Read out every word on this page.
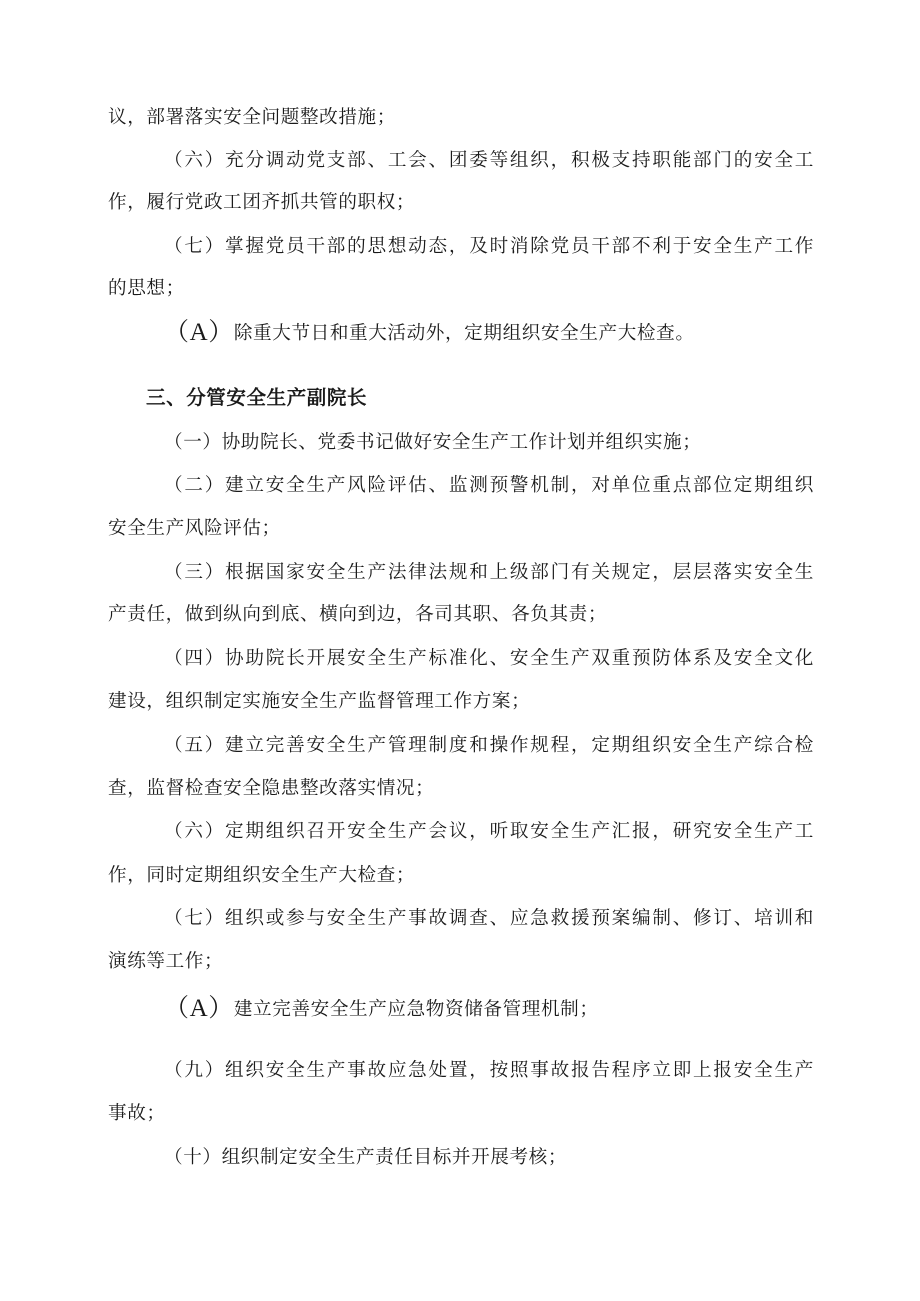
议，部署落实安全问题整改措施；
（六）充分调动党支部、工会、团委等组织，积极支持职能部门的安全工
作，履行党政工团齐抓共管的职权；
（七）掌握党员干部的思想动态，及时消除党员干部不利于安全生产工作
的思想；
（A）除重大节日和重大活动外，定期组织安全生产大检查。
三、分管安全生产副院长
（一）协助院长、党委书记做好安全生产工作计划并组织实施；
（二）建立安全生产风险评估、监测预警机制，对单位重点部位定期组织
安全生产风险评估；
（三）根据国家安全生产法律法规和上级部门有关规定，层层落实安全生
产责任，做到纵向到底、横向到边，各司其职、各负其责；
（四）协助院长开展安全生产标准化、安全生产双重预防体系及安全文化
建设，组织制定实施安全生产监督管理工作方案；
（五）建立完善安全生产管理制度和操作规程，定期组织安全生产综合检
查，监督检查安全隐患整改落实情况；
（六）定期组织召开安全生产会议，听取安全生产汇报，研究安全生产工
作，同时定期组织安全生产大检查；
（七）组织或参与安全生产事故调查、应急救援预案编制、修订、培训和
演练等工作；
（A）建立完善安全生产应急物资储备管理机制；
（九）组织安全生产事故应急处置，按照事故报告程序立即上报安全生产
事故；
（十）组织制定安全生产责任目标并开展考核；
